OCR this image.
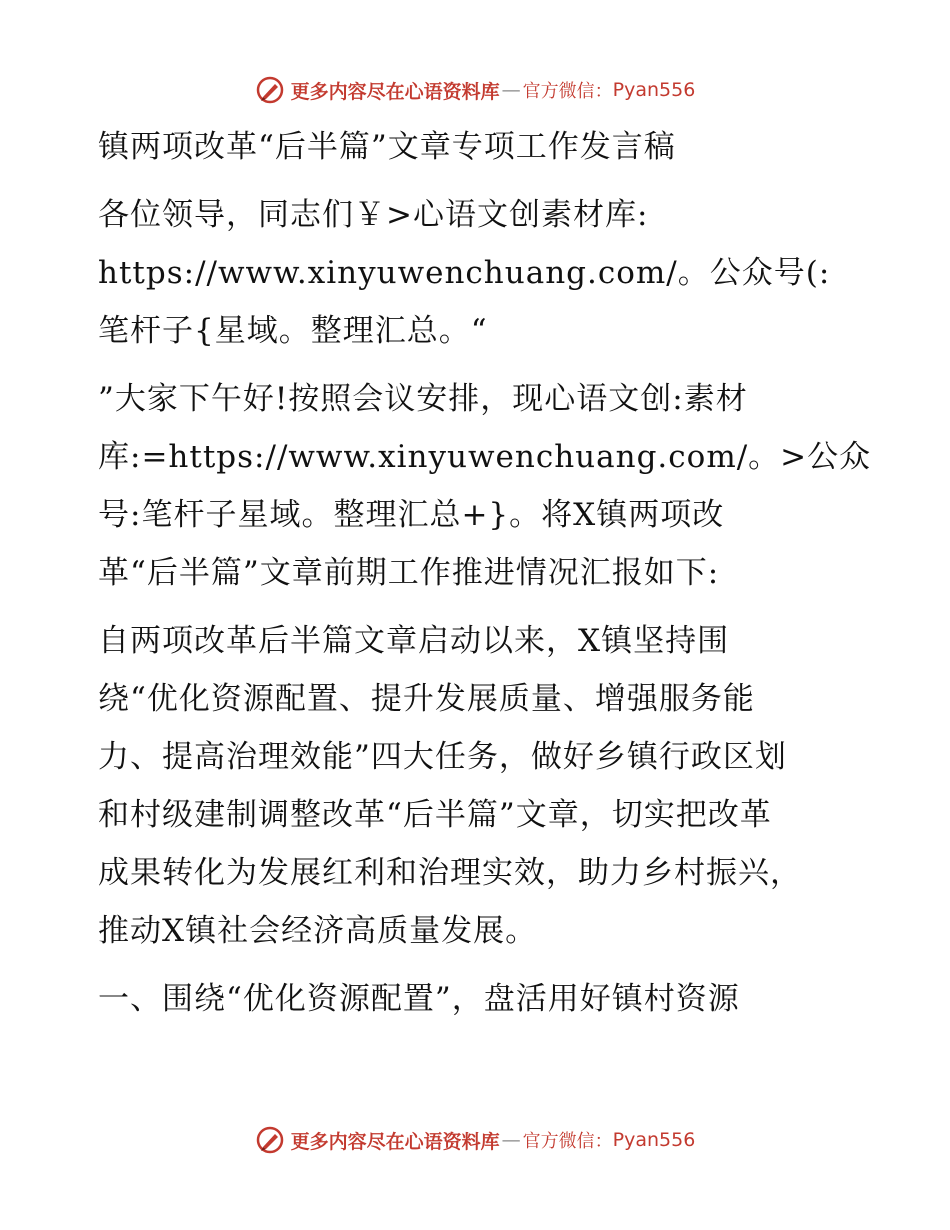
更多内容尽在心语资料库 — 官方微信： Pyan556

镇两项改革“后半篇”文章专项工作发言稿

各位领导，同志们￥>心语文创素材库:

https://www.xinyuwenchuang.com/。公众号(:

笔杆子{星域。整理汇总。“

”大家下午好!按照会议安排，现心语文创:素材

库:=https://www.xinyuwenchuang.com/。>公众

号:笔杆子星域。整理汇总+}。将X镇两项改

革“后半篇”文章前期工作推进情况汇报如下:

自两项改革后半篇文章启动以来，X镇坚持围

绕“优化资源配置、提升发展质量、增强服务能

力、提高治理效能”四大任务，做好乡镇行政区划

和村级建制调整改革“后半篇”文章，切实把改革

成果转化为发展红利和治理实效，助力乡村振兴，

推动X镇社会经济高质量发展。

一、围绕“优化资源配置”，盘活用好镇村资源

更多内容尽在心语资料库 — 官方微信： Pyan556
